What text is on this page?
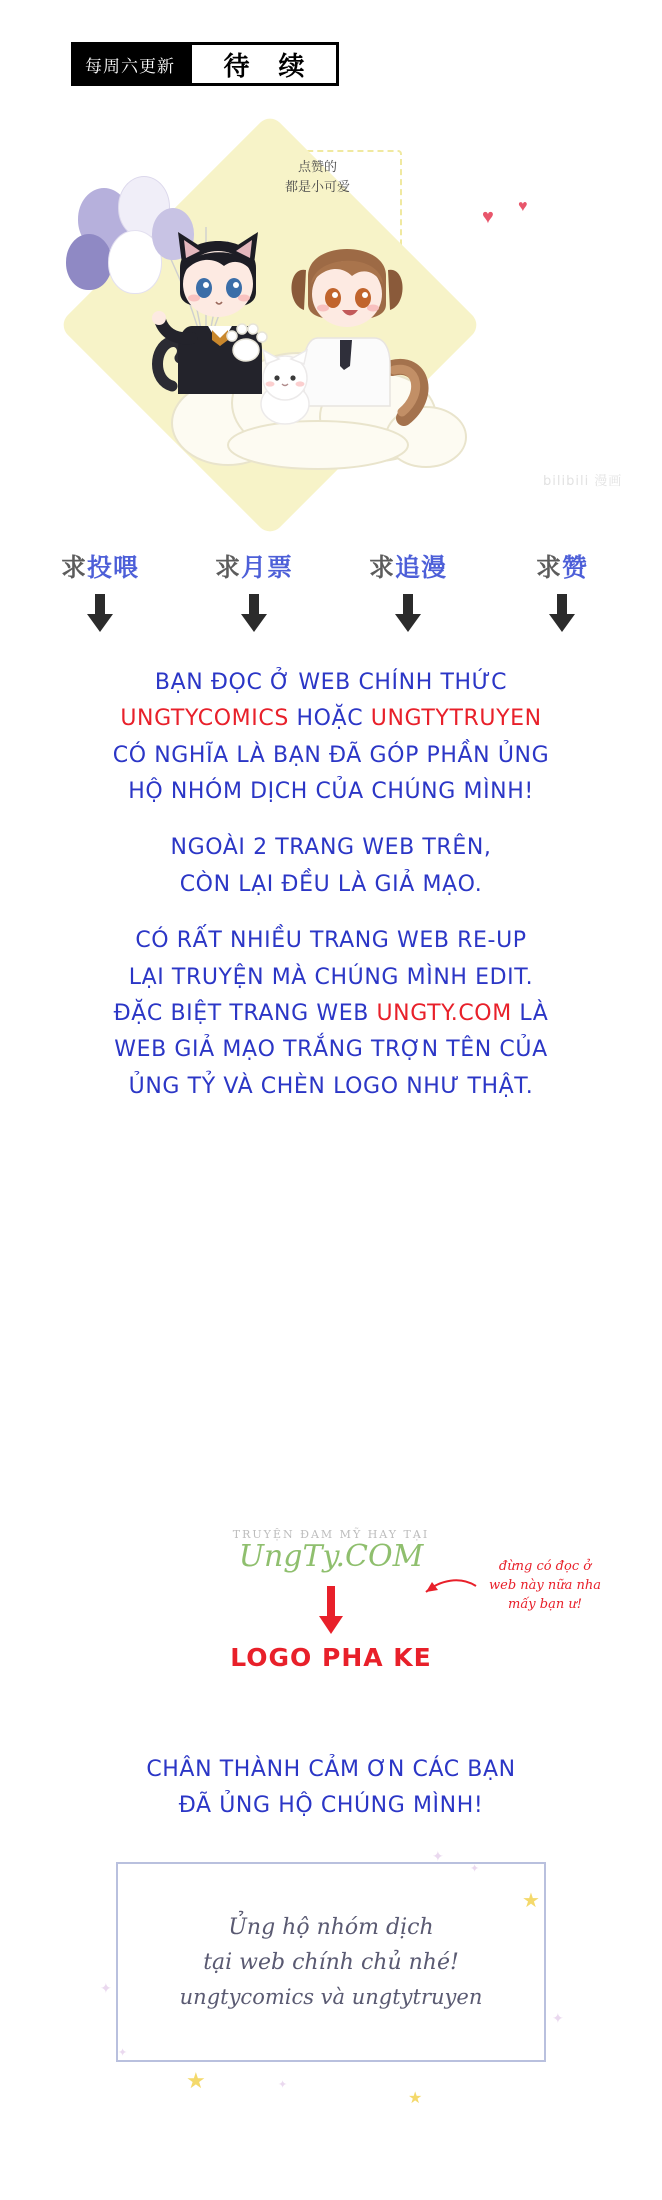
每周六更新	待 续
点赞的
都是小可爱
♥ ♥
bilibili 漫画
求投喂	求月票	求追漫	求赞

BẠN ĐỌC Ở WEB CHÍNH THỨC

UNGTYCOMICS HOẶC UNGTYTRUYEN

CÓ NGHĨA LÀ BẠN ĐÃ GÓP PHẦN ỦNG

HỘ NHÓM DỊCH CỦA CHÚNG MÌNH!

NGOÀI 2 TRANG WEB TRÊN,

CÒN LẠI ĐỀU LÀ GIẢ MẠO.

CÓ RẤT NHIỀU TRANG WEB RE-UP

LẠI TRUYỆN MÀ CHÚNG MÌNH EDIT.

ĐẶC BIỆT TRANG WEB UNGTY.COM LÀ

WEB GIẢ MẠO TRẮNG TRỢN TÊN CỦA

ỦNG TỶ VÀ CHÈN LOGO NHƯ THẬT.

TRUYỆN ĐAM MỸ HAY TẠI
UngTy.COM	đừng có đọc ở
web này nữa nha
mấy bạn ư!
LOGO PHA KE

CHÂN THÀNH CẢM ƠN CÁC BẠN

ĐÃ ỦNG HỘ CHÚNG MÌNH!

Ủng hộ nhóm dịch
tại web chính chủ nhé!
ungtycomics và ungtytruyen
★
★
★
✦
✦
✦
✦
✦
✦
